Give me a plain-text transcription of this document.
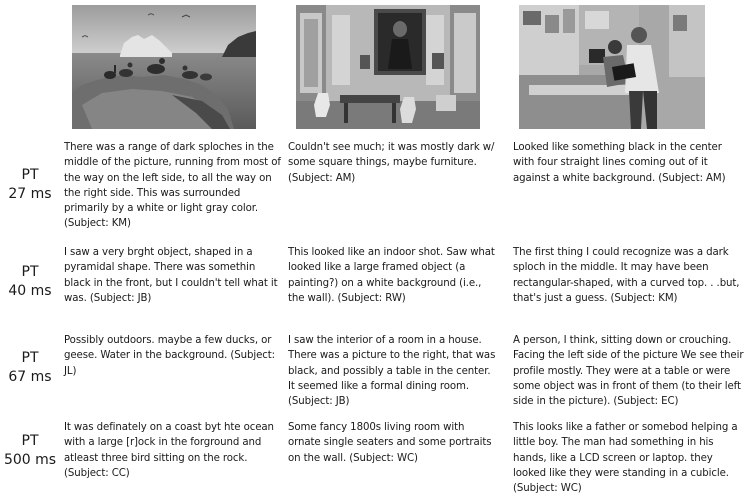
PT
27 ms
PT
40 ms
PT
67 ms
PT
500 ms
There was a range of dark sploches in the middle of the picture, running from most of the way on the left side, to all the way on the right side. This was surrounded primarily by a white or light gray color. (Subject: KM)
Couldn't see much; it was mostly dark w/ some square things, maybe furniture. (Subject: AM)
Looked like something black in the center with four straight lines coming out of it against a white background. (Subject: AM)
I saw a very brght object, shaped in a pyramidal shape. There was somethin black in the front, but I couldn't tell what it was. (Subject: JB)
This looked like an indoor shot. Saw what looked like a large framed object (a painting?) on a white background (i.e., the wall). (Subject: RW)
The first thing I could recognize was a dark sploch in the middle. It may have been rectangular-shaped, with a curved top. . .but, that's just a guess. (Subject: KM)
Possibly outdoors. maybe a few ducks, or geese. Water in the background. (Subject: JL)
I saw the interior of a room in a house. There was a picture to the right, that was black, and possibly a table in the center. It seemed like a formal dining room. (Subject: JB)
A person, I think, sitting down or crouching. Facing the left side of the picture We see their profile mostly. They were at a table or were some object was in front of them (to their left side in the picture). (Subject: EC)
It was definately on a coast byt hte ocean with a large [r]ock in the forground and atleast three bird sitting on the rock. (Subject: CC)
Some fancy 1800s living room with ornate single seaters and some portraits on the wall. (Subject: WC)
This looks like a father or somebod helping a little boy. The man had something in his hands, like a LCD screen or laptop. they looked like they were standing in a cubicle. (Subject: WC)
